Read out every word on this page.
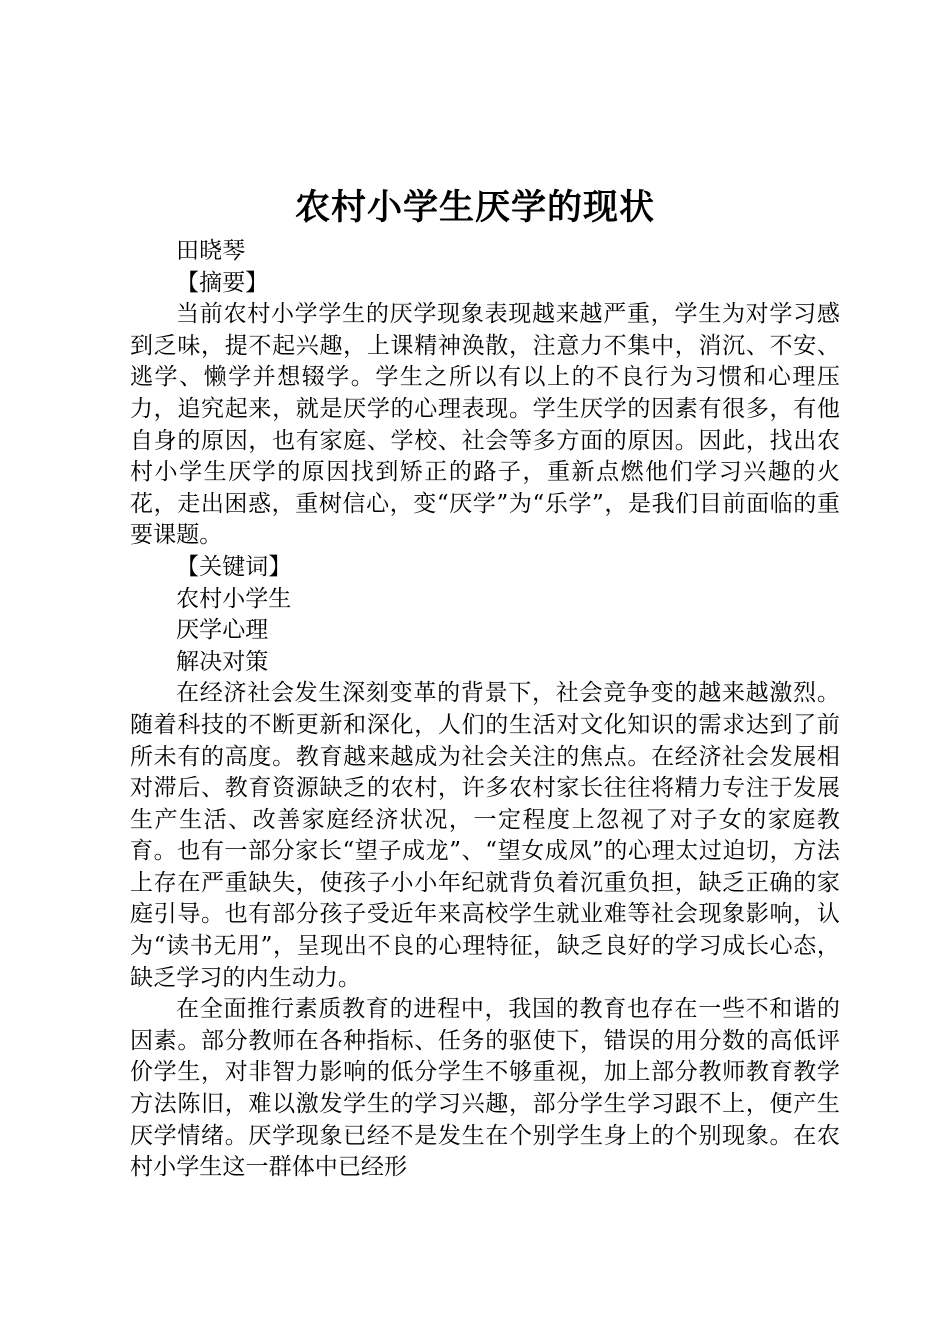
农村小学生厌学的现状

田晓琴

【摘要】

当前农村小学学生的厌学现象表现越来越严重，学生为对学习感到乏味，提不起兴趣，上课精神涣散，注意力不集中，消沉、不安、逃学、懒学并想辍学。学生之所以有以上的不良行为习惯和心理压力，追究起来，就是厌学的心理表现。学生厌学的因素有很多，有他自身的原因，也有家庭、学校、社会等多方面的原因。因此，找出农村小学生厌学的原因找到矫正的路子，重新点燃他们学习兴趣的火花，走出困惑，重树信心，变“厌学”为“乐学”，是我们目前面临的重要课题。

【关键词】

农村小学生

厌学心理

解决对策

在经济社会发生深刻变革的背景下，社会竞争变的越来越激烈。随着科技的不断更新和深化，人们的生活对文化知识的需求达到了前所未有的高度。教育越来越成为社会关注的焦点。在经济社会发展相对滞后、教育资源缺乏的农村，许多农村家长往往将精力专注于发展生产生活、改善家庭经济状况，一定程度上忽视了对子女的家庭教育。也有一部分家长“望子成龙”、“望女成凤”的心理太过迫切，方法上存在严重缺失，使孩子小小年纪就背负着沉重负担，缺乏正确的家庭引导。也有部分孩子受近年来高校学生就业难等社会现象影响，认为“读书无用”，呈现出不良的心理特征，缺乏良好的学习成长心态，缺乏学习的内生动力。

在全面推行素质教育的进程中，我国的教育也存在一些不和谐的因素。部分教师在各种指标、任务的驱使下，错误的用分数的高低评价学生，对非智力影响的低分学生不够重视，加上部分教师教育教学方法陈旧，难以激发学生的学习兴趣，部分学生学习跟不上，便产生厌学情绪。厌学现象已经不是发生在个别学生身上的个别现象。在农村小学生这一群体中已经形
